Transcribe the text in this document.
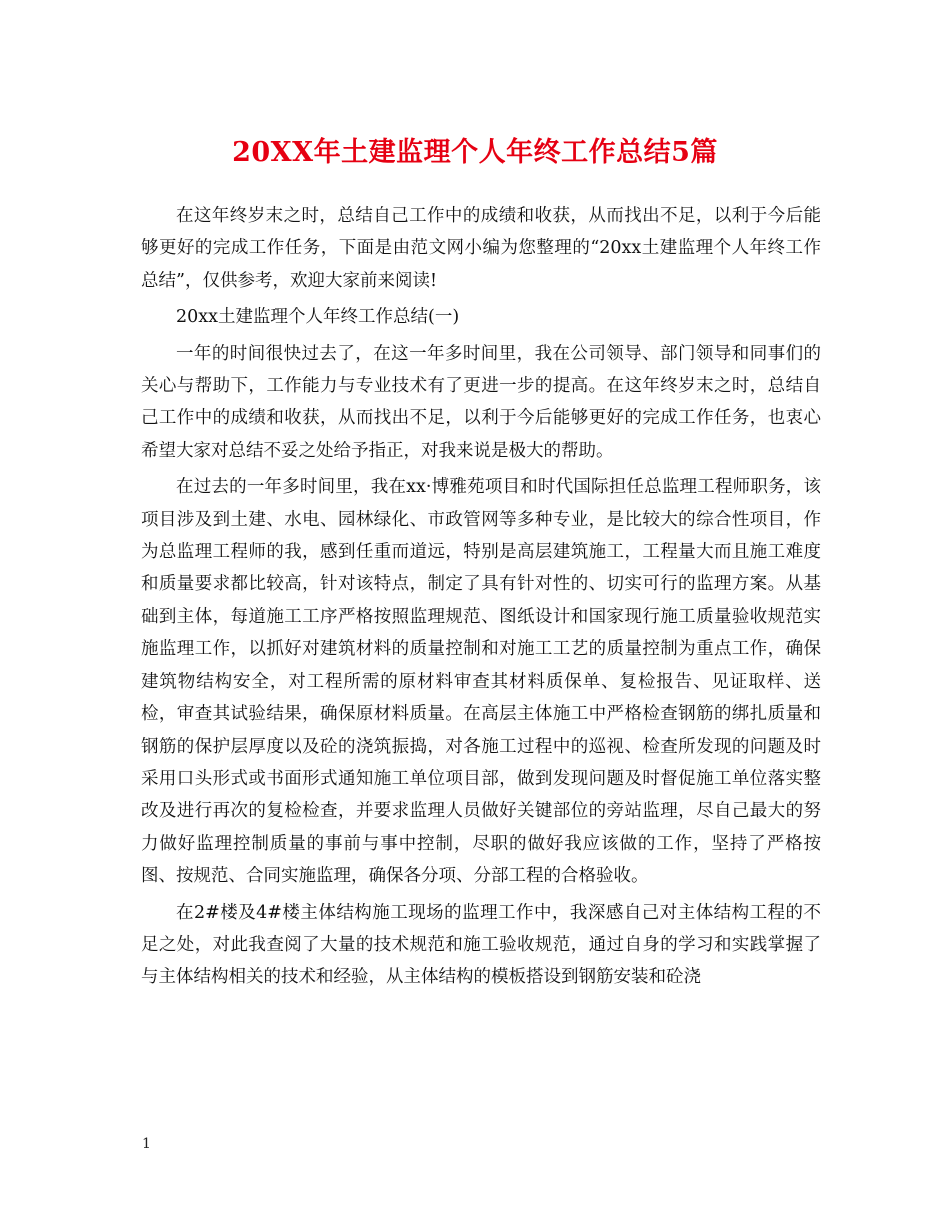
20XX年土建监理个人年终工作总结5篇

在这年终岁末之时，总结自己工作中的成绩和收获，从而找出不足，以利于今后能够更好的完成工作任务，下面是由范文网小编为您整理的“20xx土建监理个人年终工作总结”，仅供参考，欢迎大家前来阅读!

20xx土建监理个人年终工作总结(一)

一年的时间很快过去了，在这一年多时间里，我在公司领导、部门领导和同事们的关心与帮助下，工作能力与专业技术有了更进一步的提高。在这年终岁末之时，总结自己工作中的成绩和收获，从而找出不足，以利于今后能够更好的完成工作任务，也衷心希望大家对总结不妥之处给予指正，对我来说是极大的帮助。

在过去的一年多时间里，我在xx·博雅苑项目和时代国际担任总监理工程师职务，该项目涉及到土建、水电、园林绿化、市政管网等多种专业，是比较大的综合性项目，作为总监理工程师的我，感到任重而道远，特别是高层建筑施工，工程量大而且施工难度和质量要求都比较高，针对该特点，制定了具有针对性的、切实可行的监理方案。从基础到主体，每道施工工序严格按照监理规范、图纸设计和国家现行施工质量验收规范实施监理工作，以抓好对建筑材料的质量控制和对施工工艺的质量控制为重点工作，确保建筑物结构安全，对工程所需的原材料审查其材料质保单、复检报告、见证取样、送检，审查其试验结果，确保原材料质量。在高层主体施工中严格检查钢筋的绑扎质量和钢筋的保护层厚度以及砼的浇筑振捣，对各施工过程中的巡视、检查所发现的问题及时采用口头形式或书面形式通知施工单位项目部，做到发现问题及时督促施工单位落实整改及进行再次的复检检查，并要求监理人员做好关键部位的旁站监理，尽自己最大的努力做好监理控制质量的事前与事中控制，尽职的做好我应该做的工作，坚持了严格按图、按规范、合同实施监理，确保各分项、分部工程的合格验收。

在2#楼及4#楼主体结构施工现场的监理工作中，我深感自己对主体结构工程的不足之处，对此我查阅了大量的技术规范和施工验收规范，通过自身的学习和实践掌握了与主体结构相关的技术和经验，从主体结构的模板搭设到钢筋安装和砼浇

1
